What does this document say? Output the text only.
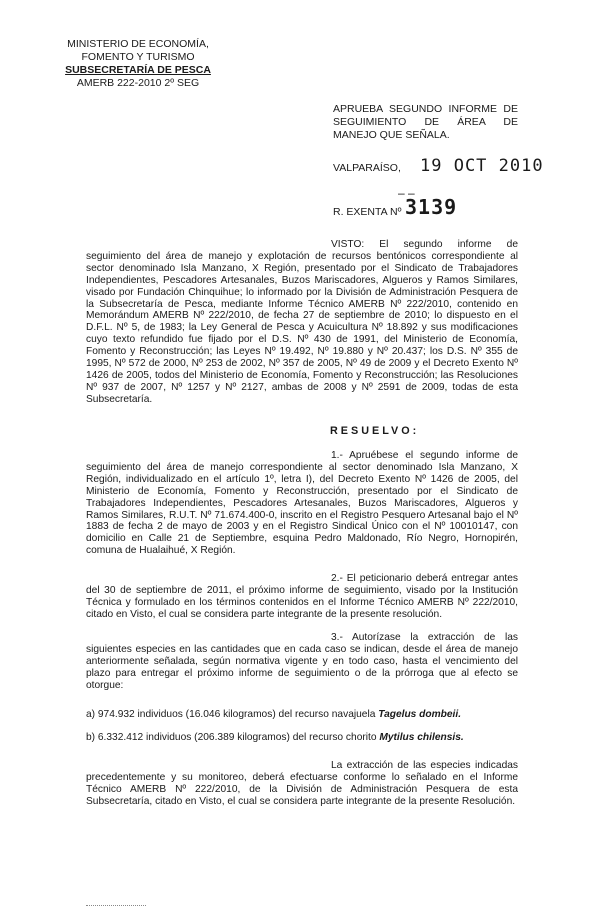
MINISTERIO DE ECONOMÍA,
FOMENTO Y TURISMO
SUBSECRETARÍA DE PESCA
AMERB 222-2010 2º SEG
APRUEBA SEGUNDO INFORME DE SEGUIMIENTO DE ÁREA DE MANEJO QUE SEÑALA.
VALPARAÍSO, 19 OCT 2010
– –
R. EXENTA Nº 3139
VISTO: El segundo informe de seguimiento del área de manejo y explotación de recursos bentónicos correspondiente al sector denominado Isla Manzano, X Región, presentado por el Sindicato de Trabajadores Independientes, Pescadores Artesanales, Buzos Mariscadores, Algueros y Ramos Similares, visado por Fundación Chinquihue; lo informado por la División de Administración Pesquera de la Subsecretaría de Pesca, mediante Informe Técnico AMERB Nº 222/2010, contenido en Memorándum AMERB Nº 222/2010, de fecha 27 de septiembre de 2010; lo dispuesto en el D.F.L. Nº 5, de 1983; la Ley General de Pesca y Acuicultura Nº 18.892 y sus modificaciones cuyo texto refundido fue fijado por el D.S. Nº 430 de 1991, del Ministerio de Economía, Fomento y Reconstrucción; las Leyes Nº 19.492, Nº 19.880 y Nº 20.437; los D.S. Nº 355 de 1995, Nº 572 de 2000, Nº 253 de 2002, Nº 357 de 2005, Nº 49 de 2009 y el Decreto Exento Nº 1426 de 2005, todos del Ministerio de Economía, Fomento y Reconstrucción; las Resoluciones Nº 937 de 2007, Nº 1257 y Nº 2127, ambas de 2008 y Nº 2591 de 2009, todas de esta Subsecretaría.
RESUELVO:
1.- Apruébese el segundo informe de seguimiento del área de manejo correspondiente al sector denominado Isla Manzano, X Región, individualizado en el artículo 1º, letra I), del Decreto Exento Nº 1426 de 2005, del Ministerio de Economía, Fomento y Reconstrucción, presentado por el Sindicato de Trabajadores Independientes, Pescadores Artesanales, Buzos Mariscadores, Algueros y Ramos Similares, R.U.T. Nº 71.674.400-0, inscrito en el Registro Pesquero Artesanal bajo el Nº 1883 de fecha 2 de mayo de 2003 y en el Registro Sindical Único con el Nº 10010147, con domicilio en Calle 21 de Septiembre, esquina Pedro Maldonado, Río Negro, Hornopirén, comuna de Hualaihué, X Región.
2.- El peticionario deberá entregar antes del 30 de septiembre de 2011, el próximo informe de seguimiento, visado por la Institución Técnica y formulado en los términos contenidos en el Informe Técnico AMERB Nº 222/2010, citado en Visto, el cual se considera parte integrante de la presente resolución.
3.- Autorízase la extracción de las siguientes especies en las cantidades que en cada caso se indican, desde el área de manejo anteriormente señalada, según normativa vigente y en todo caso, hasta el vencimiento del plazo para entregar el próximo informe de seguimiento o de la prórroga que al efecto se otorgue:
a) 974.932 individuos (16.046 kilogramos) del recurso navajuela Tagelus dombeii.
b) 6.332.412 individuos (206.389 kilogramos) del recurso chorito Mytilus chilensis.
La extracción de las especies indicadas precedentemente y su monitoreo, deberá efectuarse conforme lo señalado en el Informe Técnico AMERB Nº 222/2010, de la División de Administración Pesquera de esta Subsecretaría, citado en Visto, el cual se considera parte integrante de la presente Resolución.
